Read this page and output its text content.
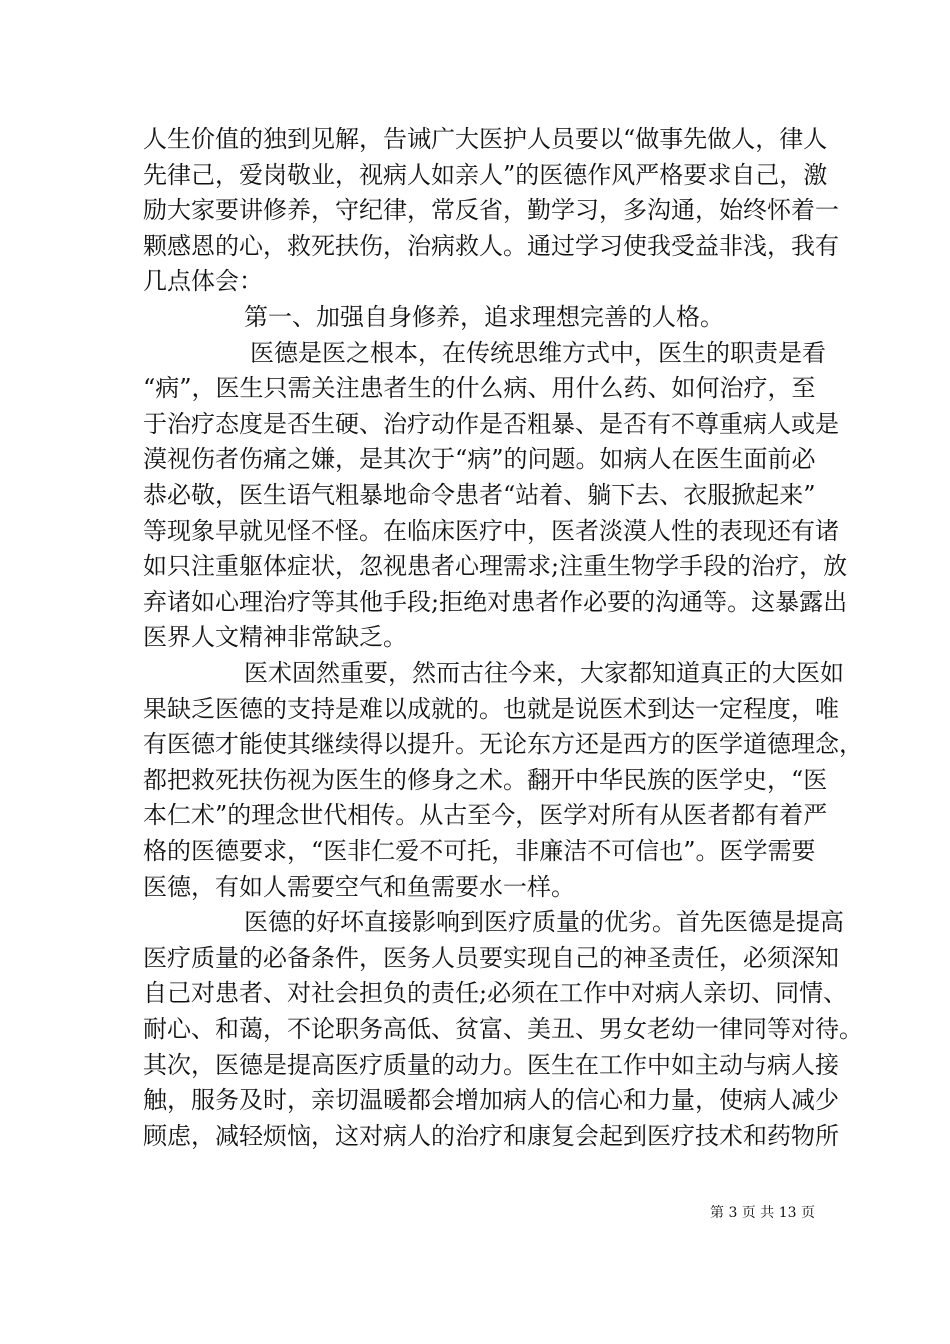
人生价值的独到见解，告诫广大医护人员要以“做事先做人，律人
先律己，爱岗敬业，视病人如亲人”的医德作风严格要求自己，激
励大家要讲修养，守纪律，常反省，勤学习，多沟通，始终怀着一
颗感恩的心，救死扶伤，治病救人。通过学习使我受益非浅，我有
几点体会：
第一、加强自身修养，追求理想完善的人格。
医德是医之根本，在传统思维方式中，医生的职责是看
“病”，医生只需关注患者生的什么病、用什么药、如何治疗，至
于治疗态度是否生硬、治疗动作是否粗暴、是否有不尊重病人或是
漠视伤者伤痛之嫌，是其次于“病”的问题。如病人在医生面前必
恭必敬，医生语气粗暴地命令患者“站着、躺下去、衣服掀起来”
等现象早就见怪不怪。在临床医疗中，医者淡漠人性的表现还有诸
如只注重躯体症状，忽视患者心理需求;注重生物学手段的治疗，放
弃诸如心理治疗等其他手段;拒绝对患者作必要的沟通等。这暴露出
医界人文精神非常缺乏。
医术固然重要，然而古往今来，大家都知道真正的大医如
果缺乏医德的支持是难以成就的。也就是说医术到达一定程度，唯
有医德才能使其继续得以提升。无论东方还是西方的医学道德理念，
都把救死扶伤视为医生的修身之术。翻开中华民族的医学史，“医
本仁术”的理念世代相传。从古至今，医学对所有从医者都有着严
格的医德要求，“医非仁爱不可托，非廉洁不可信也”。医学需要
医德，有如人需要空气和鱼需要水一样。
医德的好坏直接影响到医疗质量的优劣。首先医德是提高
医疗质量的必备条件，医务人员要实现自己的神圣责任，必须深知
自己对患者、对社会担负的责任;必须在工作中对病人亲切、同情、
耐心、和蔼，不论职务高低、贫富、美丑、男女老幼一律同等对待。
其次，医德是提高医疗质量的动力。医生在工作中如主动与病人接
触，服务及时，亲切温暖都会增加病人的信心和力量，使病人减少
顾虑，减轻烦恼，这对病人的治疗和康复会起到医疗技术和药物所
第 3 页 共 13 页
